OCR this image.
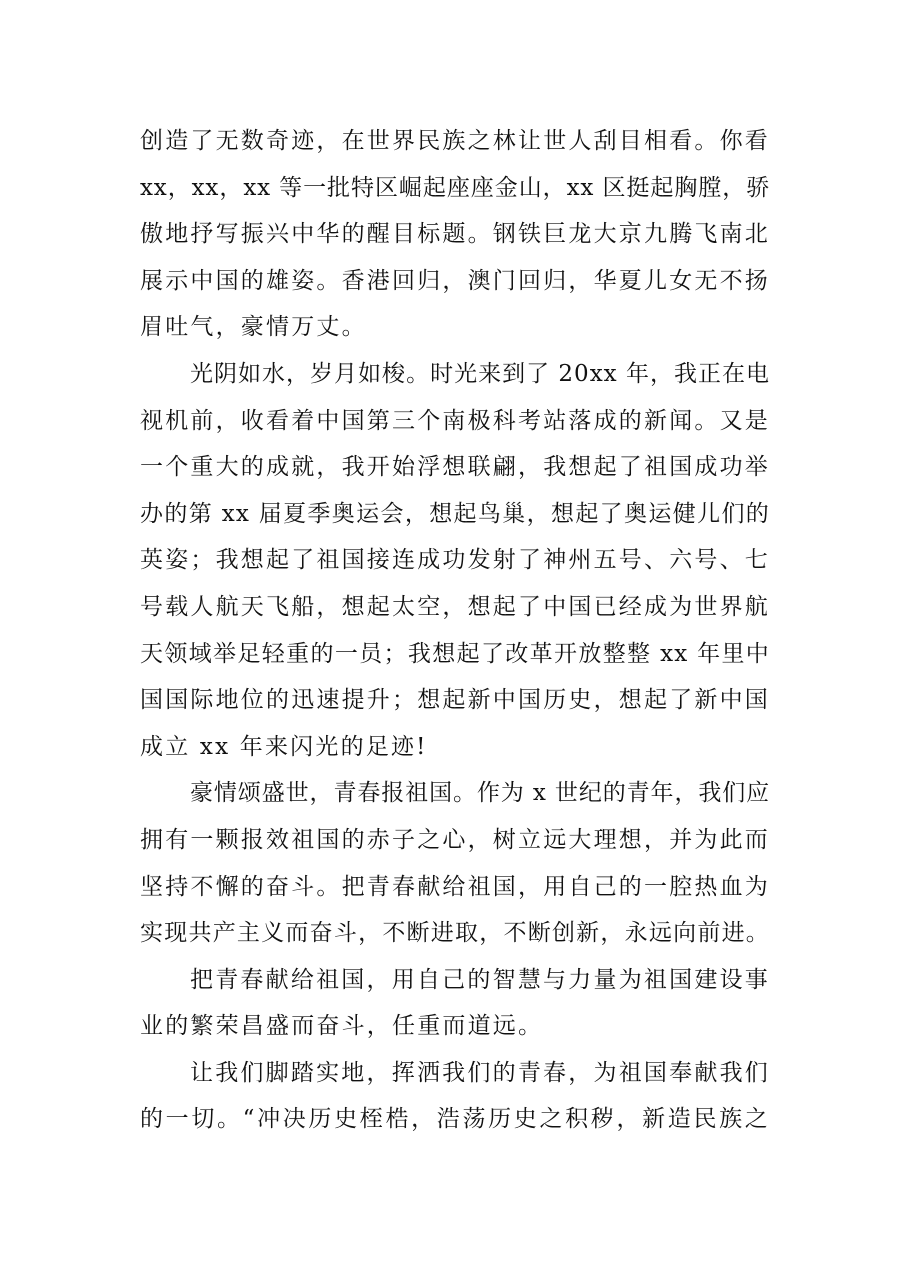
创造了无数奇迹，在世界民族之林让世人刮目相看。你看
xx，xx，xx 等一批特区崛起座座金山，xx 区挺起胸膛，骄
傲地抒写振兴中华的醒目标题。钢铁巨龙大京九腾飞南北
展示中国的雄姿。香港回归，澳门回归，华夏儿女无不扬
眉吐气，豪情万丈。
光阴如水，岁月如梭。时光来到了 20xx 年，我正在电
视机前，收看着中国第三个南极科考站落成的新闻。又是
一个重大的成就，我开始浮想联翩，我想起了祖国成功举
办的第 xx 届夏季奥运会，想起鸟巢，想起了奥运健儿们的
英姿；我想起了祖国接连成功发射了神州五号、六号、七
号载人航天飞船，想起太空，想起了中国已经成为世界航
天领域举足轻重的一员；我想起了改革开放整整 xx 年里中
国国际地位的迅速提升；想起新中国历史，想起了新中国
成立 xx 年来闪光的足迹!
豪情颂盛世，青春报祖国。作为 x 世纪的青年，我们应
拥有一颗报效祖国的赤子之心，树立远大理想，并为此而
坚持不懈的奋斗。把青春献给祖国，用自己的一腔热血为
实现共产主义而奋斗，不断进取，不断创新，永远向前进。
把青春献给祖国，用自己的智慧与力量为祖国建设事
业的繁荣昌盛而奋斗，任重而道远。
让我们脚踏实地，挥洒我们的青春，为祖国奉献我们
的一切。“冲决历史桎梏，浩荡历史之积秽，新造民族之
